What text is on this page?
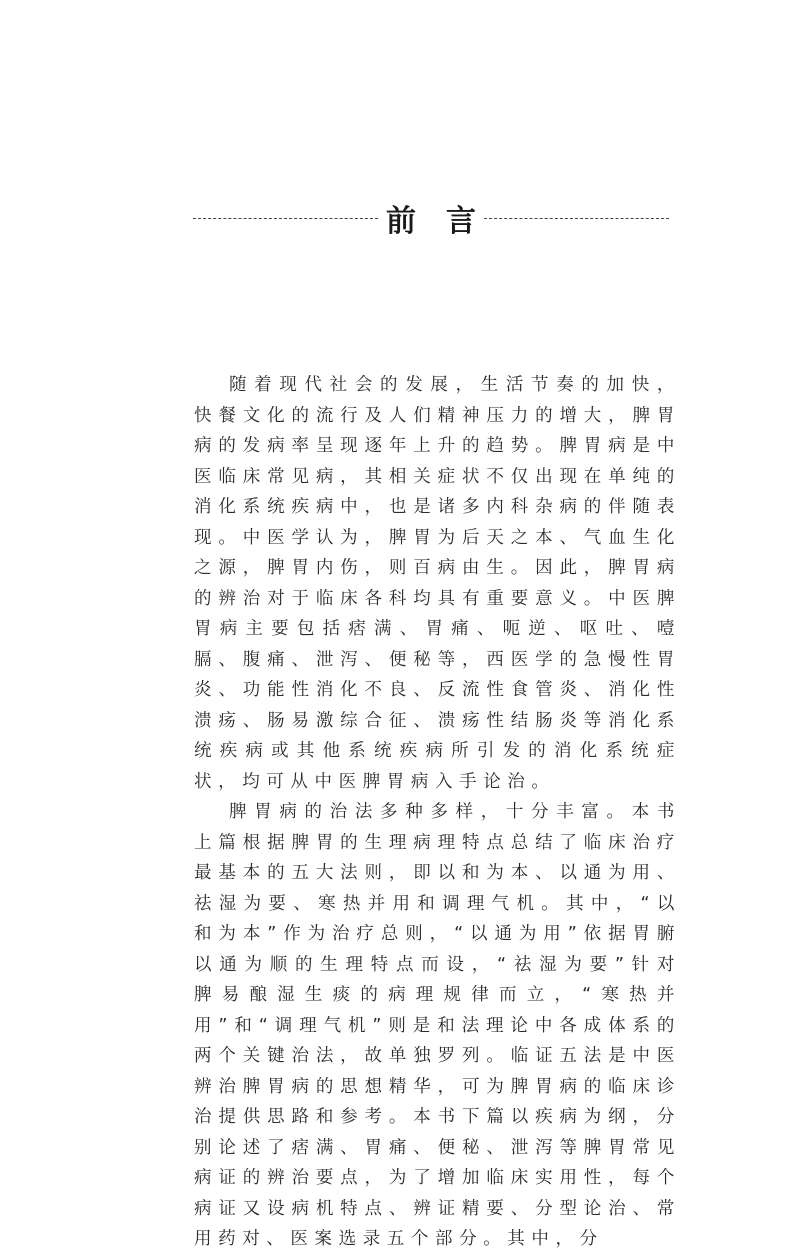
前言

随着现代社会的发展，生活节奏的加快，快餐文化的流行及人们精神压力的增大，脾胃病的发病率呈现逐年上升的趋势。脾胃病是中医临床常见病，其相关症状不仅出现在单纯的消化系统疾病中，也是诸多内科杂病的伴随表现。中医学认为，脾胃为后天之本、气血生化之源，脾胃内伤，则百病由生。因此，脾胃病的辨治对于临床各科均具有重要意义。中医脾胃病主要包括痞满、胃痛、呃逆、呕吐、噎膈、腹痛、泄泻、便秘等，西医学的急慢性胃炎、功能性消化不良、反流性食管炎、消化性溃疡、肠易激综合征、溃疡性结肠炎等消化系统疾病或其他系统疾病所引发的消化系统症状，均可从中医脾胃病入手论治。

脾胃病的治法多种多样，十分丰富。本书上篇根据脾胃的生理病理特点总结了临床治疗最基本的五大法则，即以和为本、以通为用、祛湿为要、寒热并用和调理气机。其中，“以和为本”作为治疗总则，“以通为用”依据胃腑以通为顺的生理特点而设，“祛湿为要”针对脾易酿湿生痰的病理规律而立，“寒热并用”和“调理气机”则是和法理论中各成体系的两个关键治法，故单独罗列。临证五法是中医辨治脾胃病的思想精华，可为脾胃病的临床诊治提供思路和参考。本书下篇以疾病为纲，分别论述了痞满、胃痛、便秘、泄泻等脾胃常见病证的辨治要点，为了增加临床实用性，每个病证又设病机特点、辨证精要、分型论治、常用药对、医案选录五个部分。其中，分
